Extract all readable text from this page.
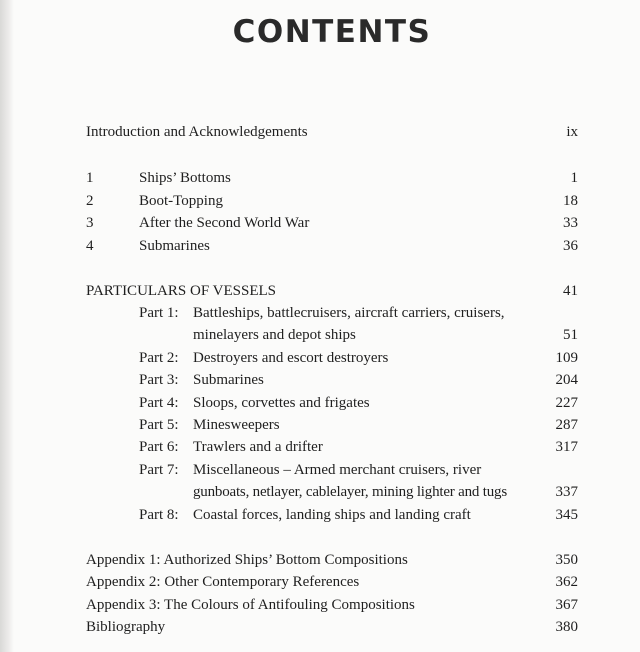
CONTENTS
Introduction and Acknowledgements	ix
1	Ships’ Bottoms	1
2	Boot-Topping	18
3	After the Second World War	33
4	Submarines	36
PARTICULARS OF VESSELS	41
Part 1: Battleships, battlecruisers, aircraft carriers, cruisers,
minelayers and depot ships	51
Part 2: Destroyers and escort destroyers	109
Part 3: Submarines	204
Part 4: Sloops, corvettes and frigates	227
Part 5: Minesweepers	287
Part 6: Trawlers and a drifter	317
Part 7: Miscellaneous – Armed merchant cruisers, river
gunboats, netlayer, cablelayer, mining lighter and tugs	337
Part 8: Coastal forces, landing ships and landing craft	345
Appendix 1: Authorized Ships’ Bottom Compositions	350
Appendix 2: Other Contemporary References	362
Appendix 3: The Colours of Antifouling Compositions	367
Bibliography	380
